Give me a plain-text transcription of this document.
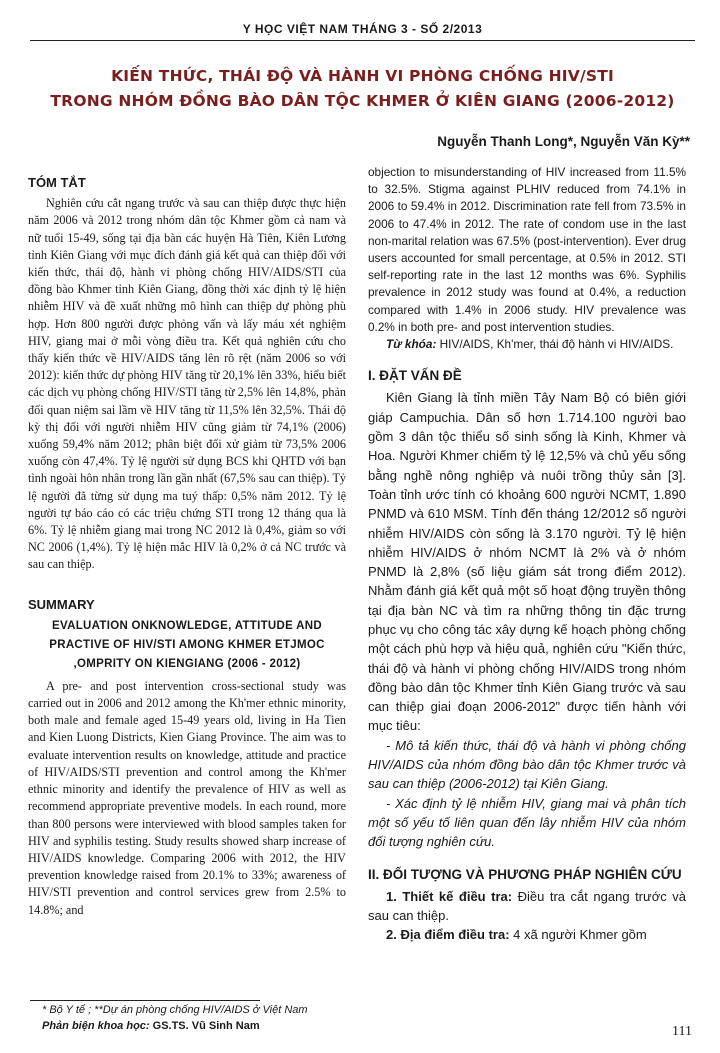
Y HỌC VIỆT NAM THÁNG 3 - SỐ 2/2013
KIẾN THỨC, THÁI ĐỘ VÀ HÀNH VI PHÒNG CHỐNG HIV/STI
TRONG NHÓM ĐỒNG BÀO DÂN TỘC KHMER Ở KIÊN GIANG (2006-2012)
Nguyễn Thanh Long*, Nguyễn Văn Kỳ**
TÓM TẮT

Nghiên cứu cắt ngang trước và sau can thiệp được thực hiện năm 2006 và 2012 trong nhóm dân tộc Khmer gồm cả nam và nữ tuổi 15-49, sống tại địa bàn các huyện Hà Tiên, Kiên Lương tỉnh Kiên Giang với mục đích đánh giá kết quả can thiệp đối với kiến thức, thái độ, hành vi phòng chống HIV/AIDS/STI của đồng bào Khmer tỉnh Kiên Giang, đồng thời xác định tỷ lệ hiện nhiễm HIV và đề xuất những mô hình can thiệp dự phòng phù hợp. Hơn 800 người được phỏng vấn và lấy máu xét nghiệm HIV, giang mai ở mỗi vòng điều tra. Kết quả nghiên cứu cho thấy kiến thức về HIV/AIDS tăng lên rõ rệt (năm 2006 so với 2012): kiến thức dự phòng HIV tăng từ 20,1% lên 33%, hiểu biết các dịch vụ phòng chống HIV/STI tăng từ 2,5% lên 14,8%, phản đối quan niệm sai lầm về HIV tăng từ 11,5% lên 32,5%. Thái độ kỳ thị đối với người nhiễm HIV cũng giảm từ 74,1% (2006) xuống 59,4% năm 2012; phân biệt đối xử giảm từ 73,5% 2006 xuống còn 47,4%. Tỷ lệ người sử dụng BCS khi QHTD với bạn tình ngoài hôn nhân trong lần gần nhất (67,5% sau can thiệp). Tỷ lệ người đã từng sử dụng ma tuý thấp: 0,5% năm 2012. Tỷ lệ người tự báo cáo có các triệu chứng STI trong 12 tháng qua là 6%. Tỷ lệ nhiễm giang mai trong NC 2012 là 0,4%, giảm so với NC 2006 (1,4%). Tỷ lệ hiện mắc HIV là 0,2% ở cả NC trước và sau can thiệp.

SUMMARY
EVALUATION ONKNOWLEDGE, ATTITUDE AND PRACTIVE OF HIV/STI AMONG KHMER ETJMOC ,OMPRITY ON KIENGIANG (2006 - 2012)

A pre- and post intervention cross-sectional study was carried out in 2006 and 2012 among the Kh'mer ethnic minority, both male and female aged 15-49 years old, living in Ha Tien and Kien Luong Districts, Kien Giang Province. The aim was to evaluate intervention results on knowledge, attitude and practice of HIV/AIDS/STI prevention and control among the Kh'mer ethnic minority and identify the prevalence of HIV as well as recommend appropriate preventive models. In each round, more than 800 persons were interviewed with blood samples taken for HIV and syphilis testing. Study results showed sharp increase of HIV/AIDS knowledge. Comparing 2006 with 2012, the HIV prevention knowledge raised from 20.1% to 33%; awareness of HIV/STI prevention and control services grew from 2.5% to 14.8%; and

objection to misunderstanding of HIV increased from 11.5% to 32.5%. Stigma against PLHIV reduced from 74.1% in 2006 to 59.4% in 2012. Discrimination rate fell from 73.5% in 2006 to 47.4% in 2012. The rate of condom use in the last non-marital relation was 67.5% (post-intervention). Ever drug users accounted for small percentage, at 0.5% in 2012. STI self-reporting rate in the last 12 months was 6%. Syphilis prevalence in 2012 study was found at 0.4%, a reduction compared with 1.4% in 2006 study. HIV prevalence was 0.2% in both pre- and post intervention studies.

Từ khóa: HIV/AIDS, Kh'mer, thái độ hành vi HIV/AIDS.

I. ĐẶT VẤN ĐỀ

Kiên Giang là tỉnh miền Tây Nam Bộ có biên giới giáp Campuchia. Dân số hơn 1.714.100 người bao gồm 3 dân tộc thiểu số sinh sống là Kinh, Khmer và Hoa. Người Khmer chiếm tỷ lệ 12,5% và chủ yếu sống bằng nghề nông nghiệp và nuôi trồng thủy sản [3]. Toàn tỉnh ước tính có khoảng 600 người NCMT, 1.890 PNMD và 610 MSM. Tính đến tháng 12/2012 số người nhiễm HIV/AIDS còn sống là 3.170 người. Tỷ lệ hiện nhiễm HIV/AIDS ở nhóm NCMT là 2% và ở nhóm PNMD là 2,8% (số liệu giám sát trong điểm 2012). Nhằm đánh giá kết quả một số hoạt động truyền thông tại địa bàn NC và tìm ra những thông tin đặc trưng phục vụ cho công tác xây dựng kế hoạch phòng chống một cách phù hợp và hiệu quả, nghiên cứu "Kiến thức, thái độ và hành vi phòng chống HIV/AIDS trong nhóm đồng bào dân tộc Khmer tỉnh Kiên Giang trước và sau can thiệp giai đoạn 2006-2012" được tiến hành với mục tiêu:

- Mô tả kiến thức, thái độ và hành vi phòng chống HIV/AIDS của nhóm đồng bào dân tộc Khmer trước và sau can thiệp (2006-2012) tại Kiên Giang.

- Xác định tỷ lệ nhiễm HIV, giang mai và phân tích một số yếu tố liên quan đến lây nhiễm HIV của nhóm đối tượng nghiên cứu.

II. ĐỐI TƯỢNG VÀ PHƯƠNG PHÁP NGHIÊN CỨU

1. Thiết kế điều tra: Điều tra cắt ngang trước và sau can thiệp.

2. Địa điểm điều tra: 4 xã người Khmer gồm

* Bộ Y tế ; **Dự án phòng chống HIV/AIDS ở Việt Nam
Phản biện khoa học: GS.TS. Vũ Sinh Nam	111
